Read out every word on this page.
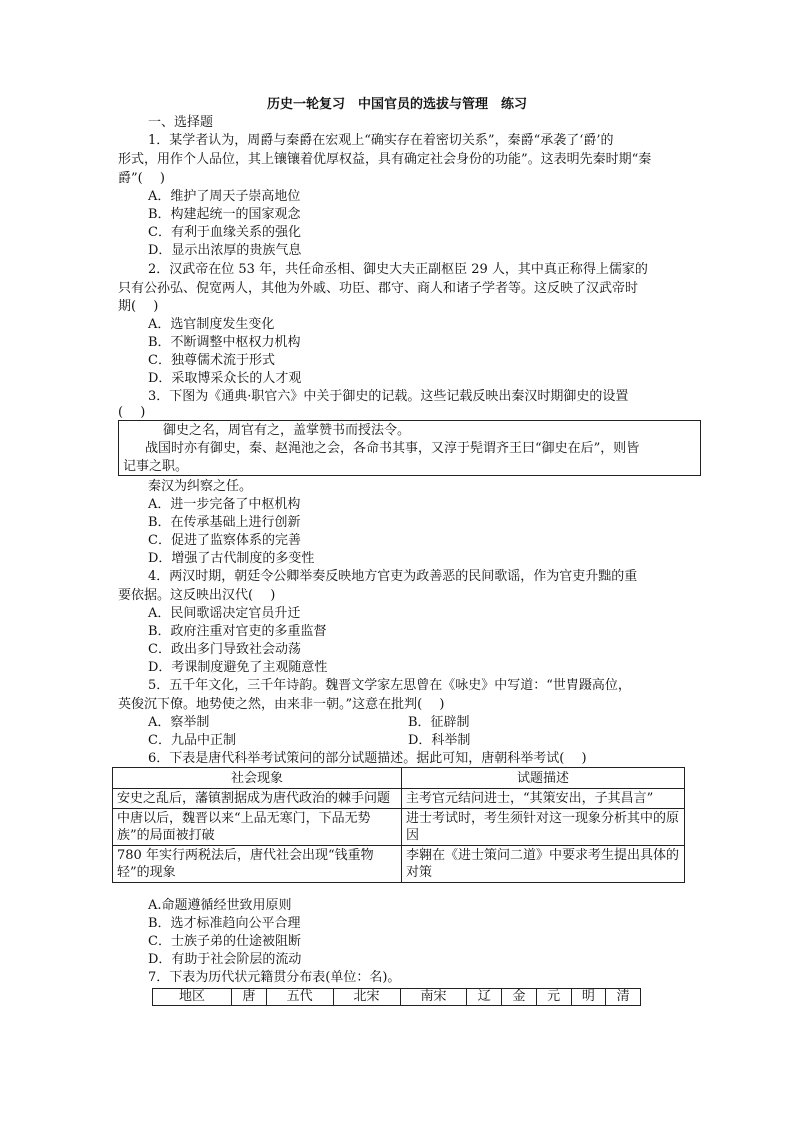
历史一轮复习　中国官员的选拔与管理　练习
一、选择题
1．某学者认为，周爵与秦爵在宏观上“确实存在着密切关系”，秦爵“承袭了‘爵’的
形式，用作个人品位，其上镶镶着优厚权益，具有确定社会身份的功能”。这表明先秦时期“秦
爵”(　 )
A．维护了周天子崇高地位
B．构建起统一的国家观念
C．有利于血缘关系的强化
D．显示出浓厚的贵族气息
2．汉武帝在位 53 年，共任命丞相、御史大夫正副枢臣 29 人，其中真正称得上儒家的
只有公孙弘、倪宽两人，其他为外戚、功臣、郡守、商人和诸子学者等。这反映了汉武帝时
期(　 )
A．选官制度发生变化
B．不断调整中枢权力机构
C．独尊儒术流于形式
D．采取博采众长的人才观
3．下图为《通典·职官六》中关于御史的记载。这些记载反映出秦汉时期御史的设置
(　 )
御史之名，周官有之，盖掌赞书而授法令。
战国时亦有御史，秦、赵渑池之会，各命书其事，又淳于髡谓齐王曰“御史在后”，则皆
记事之职。
秦汉为纠察之任。
A．进一步完备了中枢机构
B．在传承基础上进行创新
C．促进了监察体系的完善
D．增强了古代制度的多变性
4．两汉时期，朝廷令公卿举奏反映地方官吏为政善恶的民间歌谣，作为官吏升黜的重
要依据。这反映出汉代(　 )
A．民间歌谣决定官员升迁
B．政府注重对官吏的多重监督
C．政出多门导致社会动荡
D．考课制度避免了主观随意性
5．五千年文化，三千年诗韵。魏晋文学家左思曾在《咏史》中写道：“世胄蹑高位，
英俊沉下僚。地势使之然，由来非一朝。”这意在批判(　 )
A．察举制	B．征辟制
C．九品中正制	D．科举制
6．下表是唐代科举考试策问的部分试题描述。据此可知，唐朝科举考试(　 )
社会现象	试题描述
安史之乱后，藩镇割据成为唐代政治的棘手问题	主考官元结问进士，“其策安出，子其昌言”
中唐以后，魏晋以来“上品无寒门，下品无势族”的局面被打破	进士考试时，考生须针对这一现象分析其中的原因
780 年实行两税法后，唐代社会出现“钱重物轻”的现象	李翱在《进士策问二道》中要求考生提出具体的对策
A.命题遵循经世致用原则
B．选才标准趋向公平合理
C．士族子弟的仕途被阻断
D．有助于社会阶层的流动
7．下表为历代状元籍贯分布表(单位：名)。
地区	唐	五代	北宋	南宋	辽	金	元	明	清
